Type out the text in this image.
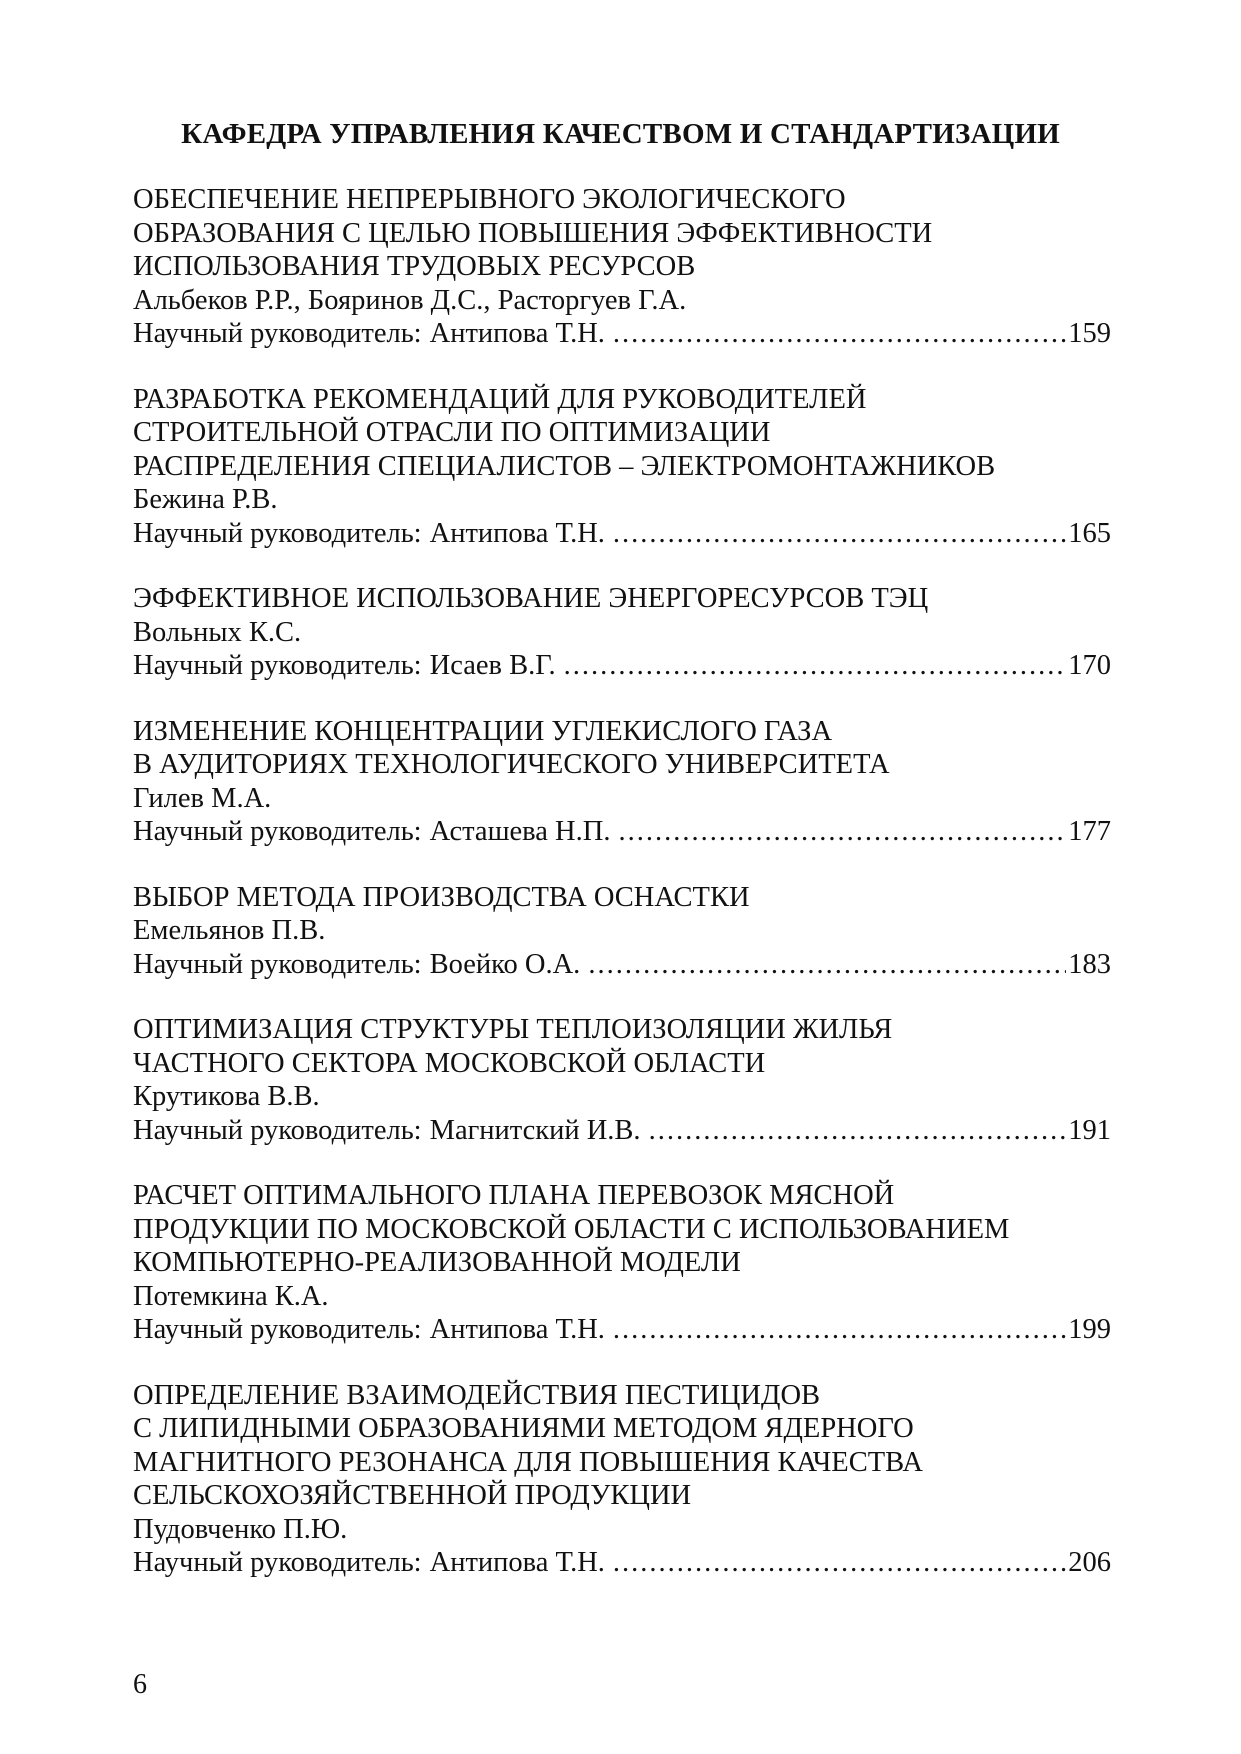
КАФЕДРА УПРАВЛЕНИЯ КАЧЕСТВОМ И СТАНДАРТИЗАЦИИ
ОБЕСПЕЧЕНИЕ НЕПРЕРЫВНОГО ЭКОЛОГИЧЕСКОГО
ОБРАЗОВАНИЯ С ЦЕЛЬЮ ПОВЫШЕНИЯ ЭФФЕКТИВНОСТИ
ИСПОЛЬЗОВАНИЯ ТРУДОВЫХ РЕСУРСОВ
Альбеков Р.Р., Бояринов Д.С., Расторгуев Г.А.
Научный руководитель: Антипова Т.Н. .....	159
РАЗРАБОТКА РЕКОМЕНДАЦИЙ ДЛЯ РУКОВОДИТЕЛЕЙ
СТРОИТЕЛЬНОЙ ОТРАСЛИ ПО ОПТИМИЗАЦИИ
РАСПРЕДЕЛЕНИЯ СПЕЦИАЛИСТОВ – ЭЛЕКТРОМОНТАЖНИКОВ
Бежина Р.В.
Научный руководитель: Антипова Т.Н. .....	165
ЭФФЕКТИВНОЕ ИСПОЛЬЗОВАНИЕ ЭНЕРГОРЕСУРСОВ ТЭЦ
Вольных К.С.
Научный руководитель: Исаев В.Г. .....	170
ИЗМЕНЕНИЕ КОНЦЕНТРАЦИИ УГЛЕКИСЛОГО ГАЗА
В АУДИТОРИЯХ ТЕХНОЛОГИЧЕСКОГО УНИВЕРСИТЕТА
Гилев М.А.
Научный руководитель: Асташева Н.П. .....	177
ВЫБОР МЕТОДА ПРОИЗВОДСТВА ОСНАСТКИ
Емельянов П.В.
Научный руководитель: Воейко О.А. .....	183
ОПТИМИЗАЦИЯ СТРУКТУРЫ ТЕПЛОИЗОЛЯЦИИ ЖИЛЬЯ
ЧАСТНОГО СЕКТОРА МОСКОВСКОЙ ОБЛАСТИ
Крутикова В.В.
Научный руководитель: Магнитский И.В. .....	191
РАСЧЕТ ОПТИМАЛЬНОГО ПЛАНА ПЕРЕВОЗОК МЯСНОЙ
ПРОДУКЦИИ ПО МОСКОВСКОЙ ОБЛАСТИ С ИСПОЛЬЗОВАНИЕМ
КОМПЬЮТЕРНО-РЕАЛИЗОВАННОЙ МОДЕЛИ
Потемкина К.А.
Научный руководитель: Антипова Т.Н. .....	199
ОПРЕДЕЛЕНИЕ ВЗАИМОДЕЙСТВИЯ ПЕСТИЦИДОВ
С ЛИПИДНЫМИ ОБРАЗОВАНИЯМИ МЕТОДОМ ЯДЕРНОГО
МАГНИТНОГО РЕЗОНАНСА ДЛЯ ПОВЫШЕНИЯ КАЧЕСТВА
СЕЛЬСКОХОЗЯЙСТВЕННОЙ ПРОДУКЦИИ
Пудовченко П.Ю.
Научный руководитель: Антипова Т.Н. .....	206
6
